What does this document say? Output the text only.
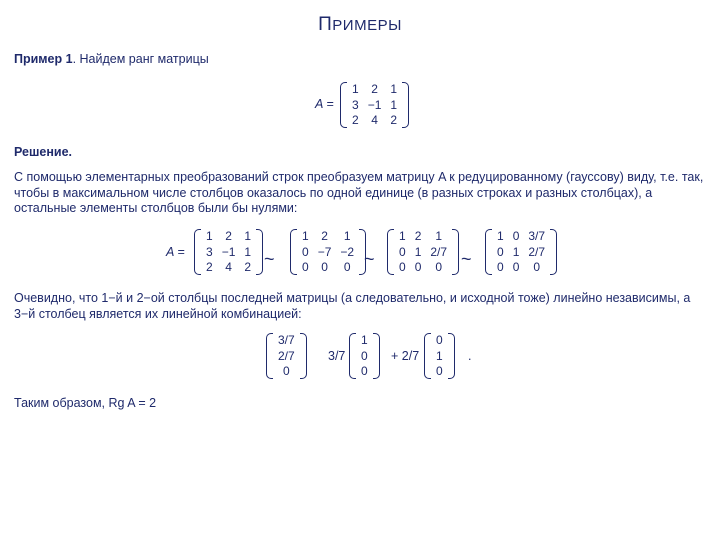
ПРИМЕРЫ
Пример 1. Найдем ранг матрицы
A =
1 2 1
3 −1 1
2 4 2
Решение.
С помощью элементарных преобразований строк преобразуем матрицу A к редуцированному (гауссову) виду, т.е. так, чтобы в максимальном числе столбцов оказалось по одной единице (в разных строках и разных столбцах), а остальные элементы столбцов были бы нулями:
A =
1 2 1
3 −1 1
2 4 2 ~
1 2 1
0 −7 −2
0 0 0 ~
1 2	1
0 1 2/7
0 0	0 ~
1 0 3/7
0 1 2/7
0 0	0
Очевидно, что 1−й и 2−ой столбцы последней матрицы (а следовательно, и исходной тоже) линейно независимы, а 3−й столбец является их линейной комбинацией:
3/7
2/7
0
3/7
1
0
0
+ 2/7
0
1
0
.
Таким образом, Rg A = 2
